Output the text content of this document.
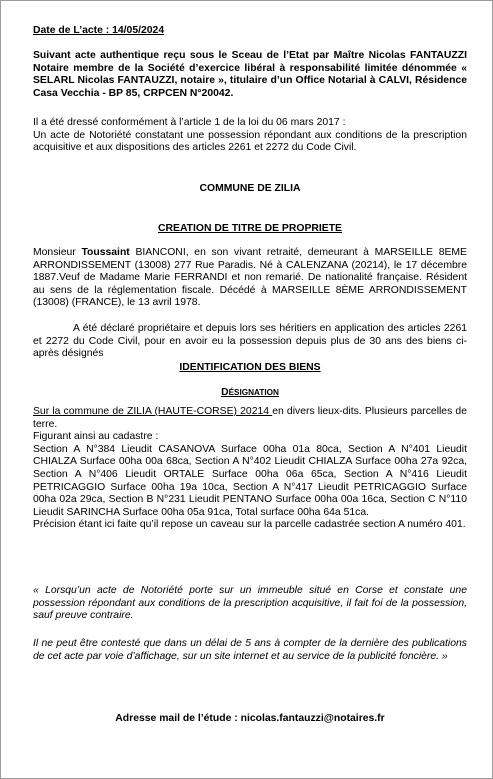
Date de L’acte : 14/05/2024

Suivant acte authentique reçu sous le Sceau de l’Etat par Maître Nicolas FANTAUZZI Notaire membre de la Société d’exercice libéral à responsabilité limitée dénommée « SELARL Nicolas FANTAUZZI, notaire », titulaire d’un Office Notarial à CALVI, Résidence Casa Vecchia - BP 85, CRPCEN N°20042.

Il a été dressé conformément à l’article 1 de la loi du 06 mars 2017 :

Un acte de Notoriété constatant une possession répondant aux conditions de la prescription acquisitive et aux dispositions des articles 2261 et 2272 du Code Civil.

COMMUNE DE ZILIA

CREATION DE TITRE DE PROPRIETE

Monsieur Toussaint BIANCONI, en son vivant retraité, demeurant à MARSEILLE 8EME ARRONDISSEMENT (13008) 277 Rue Paradis. Né à CALENZANA (20214), le 17 décembre 1887.Veuf de Madame Marie FERRANDI et non remarié. De nationalité française. Résident au sens de la réglementation fiscale. Décédé à MARSEILLE 8ÈME ARRONDISSEMENT (13008) (FRANCE), le 13 avril 1978.

A été déclaré propriétaire et depuis lors ses héritiers en application des articles 2261 et 2272 du Code Civil, pour en avoir eu la possession depuis plus de 30 ans des biens ci-après désignés

IDENTIFICATION DES BIENS

DÉSIGNATION

Sur la commune de ZILIA (HAUTE-CORSE) 20214 en divers lieux-dits. Plusieurs parcelles de terre.

Figurant ainsi au cadastre :

Section A N°384 Lieudit CASANOVA Surface 00ha 01a 80ca, Section A N°401 Lieudit CHIALZA Surface 00ha 00a 68ca, Section A N°402 Lieudit CHIALZA Surface 00ha 27a 92ca, Section A N°406 Lieudit ORTALE Surface 00ha 06a 65ca, Section A N°416 Lieudit PETRICAGGIO Surface 00ha 19a 10ca, Section A N°417 Lieudit PETRICAGGIO Surface 00ha 02a 29ca, Section B N°231 Lieudit PENTANO Surface 00ha 00a 16ca, Section C N°110 Lieudit SARINCHA Surface 00ha 05a 91ca, Total surface 00ha 64a 51ca.

Précision étant ici faite qu’il repose un caveau sur la parcelle cadastrée section A numéro 401.

« Lorsqu’un acte de Notoriété porte sur un immeuble situé en Corse et constate une possession répondant aux conditions de la prescription acquisitive, il fait foi de la possession, sauf preuve contraire.

Il ne peut être contesté que dans un délai de 5 ans à compter de la dernière des publications de cet acte par voie d’affichage, sur un site internet et au service de la publicité foncière. »

Adresse mail de l’étude : nicolas.fantauzzi@notaires.fr
